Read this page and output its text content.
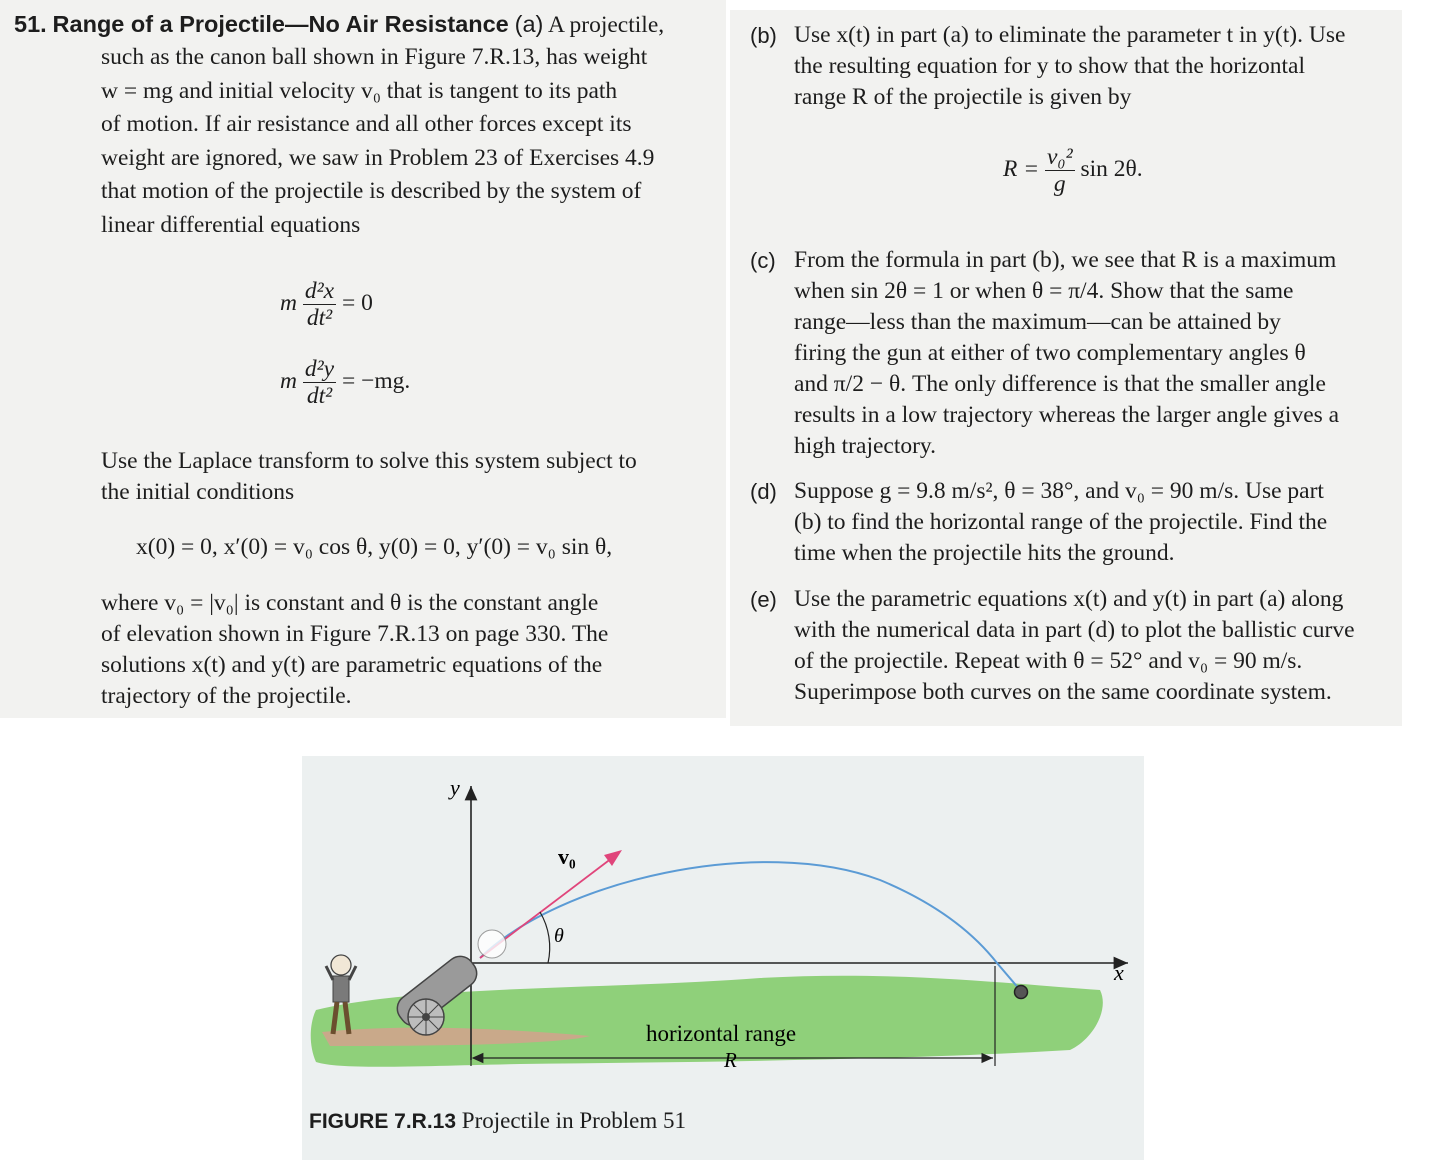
51. Range of a Projectile—No Air Resistance (a) A projectile,
such as the canon ball shown in Figure 7.R.13, has weight
w = mg and initial velocity v₀ that is tangent to its path
of motion. If air resistance and all other forces except its
weight are ignored, we saw in Problem 23 of Exercises 4.9
that motion of the projectile is described by the system of
linear differential equations
m $\frac{\text{d²x}}{\text{dt²}} = 0$
m $\frac{\text{d²y}}{\text{dt²}} = -mg$.
Use the Laplace transform to solve this system subject to
the initial conditions
x(0) = 0, x′(0) = v₀ cos θ, y(0) = 0, y′(0) = v₀ sin θ,
where v₀ = |v₀| is constant and θ is the constant angle
of elevation shown in Figure 7.R.13 on page 330. The
solutions x(t) and y(t) are parametric equations of the
trajectory of the projectile.
(b) Use x(t) in part (a) to eliminate the parameter t in y(t). Use
the resulting equation for y to show that the horizontal
range R of the projectile is given by
$R = \frac{\text{v₀²}}{g}$ sin 2θ.
(c) From the formula in part (b), we see that R is a maximum
when sin 2θ = 1 or when θ = π/4. Show that the same
range—less than the maximum—can be attained by
firing the gun at either of two complementary angles θ
and π/2 − θ. The only difference is that the smaller angle
results in a low trajectory whereas the larger angle gives a
high trajectory.
(d) Suppose g = 9.8 m/s², θ = 38°, and v₀ = 90 m/s. Use part
(b) to find the horizontal range of the projectile. Find the
time when the projectile hits the ground.
(e) Use the parametric equations x(t) and y(t) in part (a) along
with the numerical data in part (d) to plot the ballistic curve
of the projectile. Repeat with θ = 52° and v₀ = 90 m/s.
Superimpose both curves on the same coordinate system.
y
x
v₀
θ
horizontal range
R
FIGURE 7.R.13 Projectile in Problem 51
